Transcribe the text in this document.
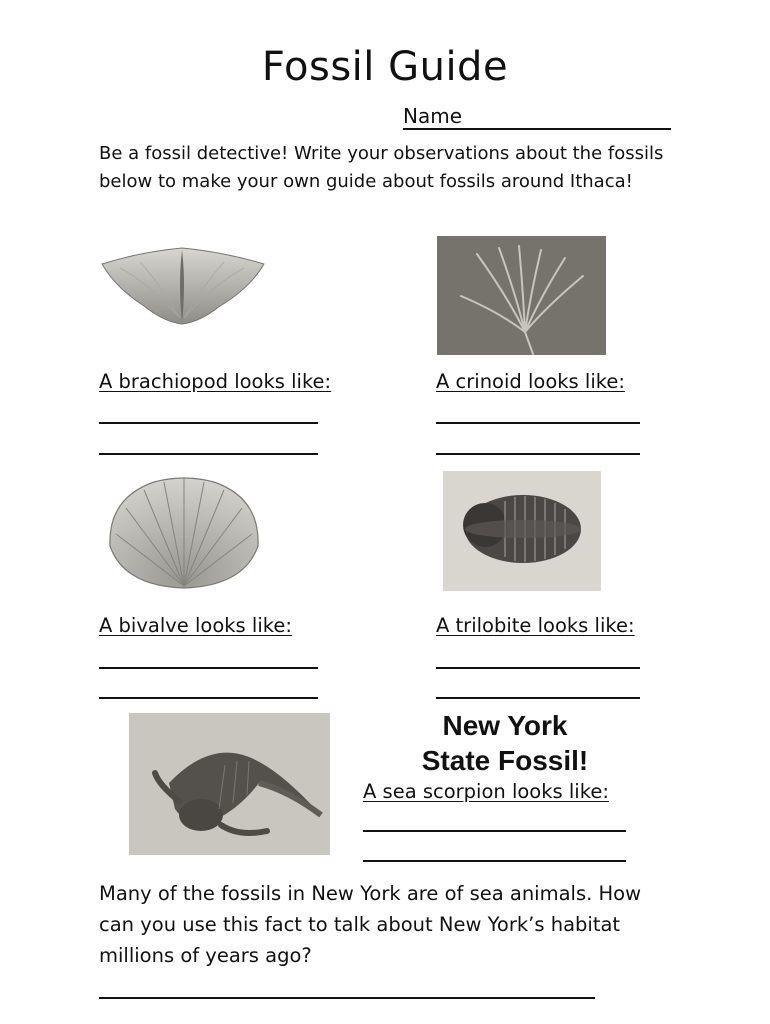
Fossil Guide
Name
Be a fossil detective! Write your observations about the fossils below to make your own guide about fossils around Ithaca!
A brachiopod looks like:	A crinoid looks like:
A bivalve looks like:	A trilobite looks like:
New York
State Fossil!
A sea scorpion looks like:
Many of the fossils in New York are of sea animals. How can you use this fact to talk about New York’s habitat millions of years ago?
